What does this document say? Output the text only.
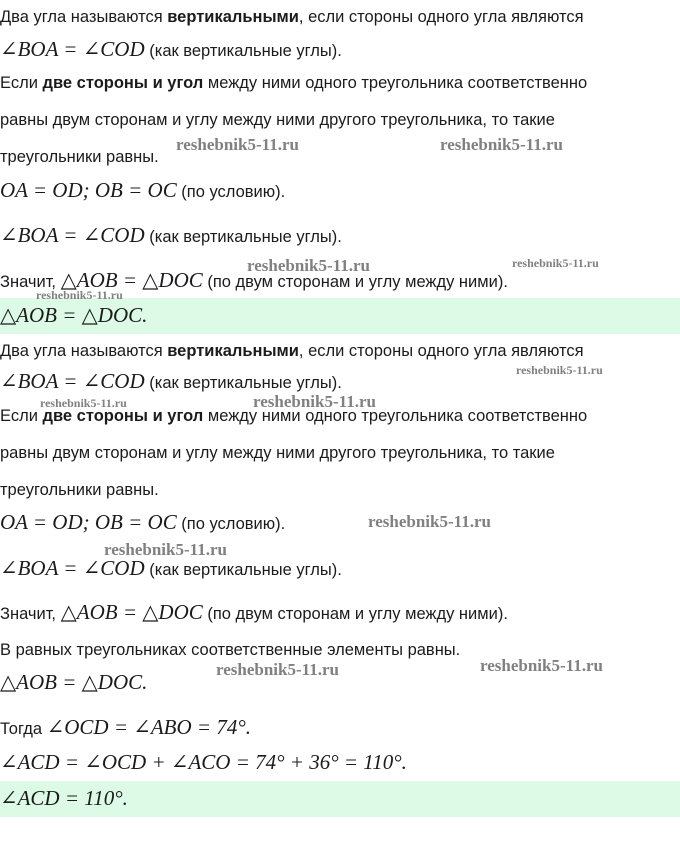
Два угла называются вертикальными, если стороны одного угла являются
∠BOA = ∠COD (как вертикальные углы).
Если две стороны и угол между ними одного треугольника соответственно
равны двум сторонам и углу между ними другого треугольника, то такие
треугольники равны.
OA = OD; OB = OC (по условию).
∠BOA = ∠COD (как вертикальные углы).
Значит, △AOB = △DOC (по двум сторонам и углу между ними).
△AOB = △DOC.
Два угла называются вертикальными, если стороны одного угла являются
∠BOA = ∠COD (как вертикальные углы).
Если две стороны и угол между ними одного треугольника соответственно
равны двум сторонам и углу между ними другого треугольника, то такие
треугольники равны.
OA = OD; OB = OC (по условию).
∠BOA = ∠COD (как вертикальные углы).
Значит, △AOB = △DOC (по двум сторонам и углу между ними).
В равных треугольниках соответственные элементы равны.
△AOB = △DOC.
Тогда ∠OCD = ∠ABO = 74°.
∠ACD = ∠OCD + ∠ACO = 74° + 36° = 110°.
∠ACD = 110°.
reshebnik5-11.ru	reshebnik5-11.ru
reshebnik5-11.ru	reshebnik5-11.ru
reshebnik5-11.ru
reshebnik5-11.ru
reshebnik5-11.ru	reshebnik5-11.ru
reshebnik5-11.ru
reshebnik5-11.ru
reshebnik5-11.ru	reshebnik5-11.ru
